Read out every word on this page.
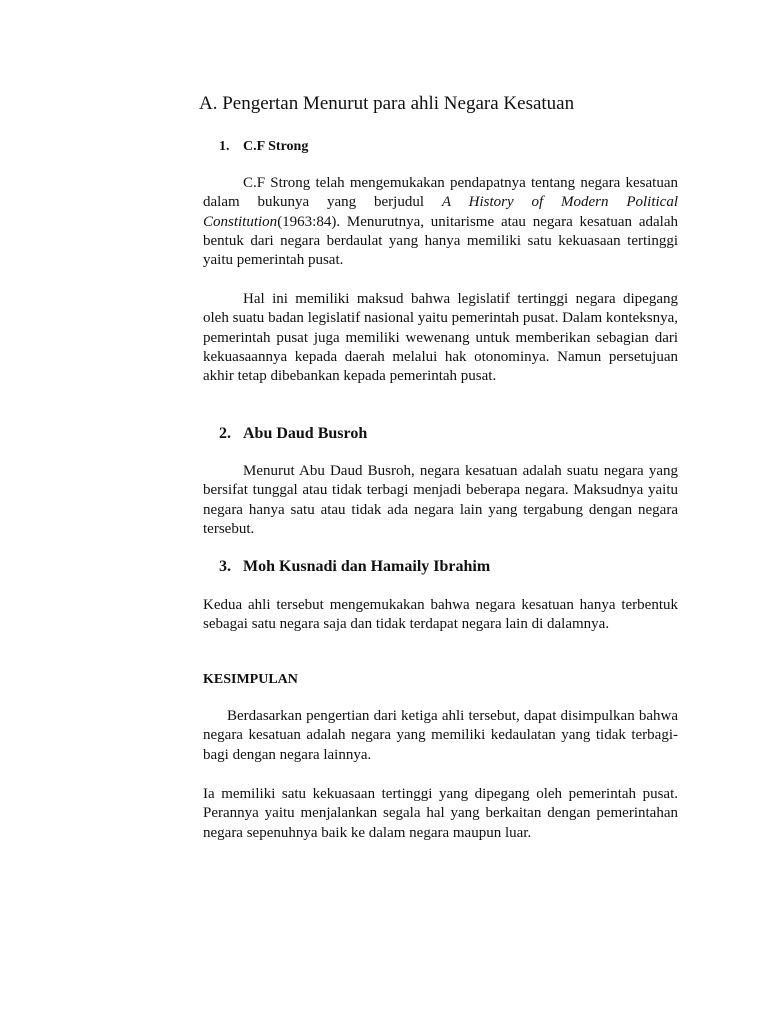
A. Pengertan Menurut para ahli Negara Kesatuan
1. C.F Strong

C.F Strong telah mengemukakan pendapatnya tentang negara kesatuan dalam bukunya yang berjudul A History of Modern Political Constitution(1963:84). Menurutnya, unitarisme atau negara kesatuan adalah bentuk dari negara berdaulat yang hanya memiliki satu kekuasaan tertinggi yaitu pemerintah pusat.

Hal ini memiliki maksud bahwa legislatif tertinggi negara dipegang oleh suatu badan legislatif nasional yaitu pemerintah pusat. Dalam konteksnya, pemerintah pusat juga memiliki wewenang untuk memberikan sebagian dari kekuasaannya kepada daerah melalui hak otonominya. Namun persetujuan akhir tetap dibebankan kepada pemerintah pusat.

2. Abu Daud Busroh

Menurut Abu Daud Busroh, negara kesatuan adalah suatu negara yang bersifat tunggal atau tidak terbagi menjadi beberapa negara. Maksudnya yaitu negara hanya satu atau tidak ada negara lain yang tergabung dengan negara tersebut.

3. Moh Kusnadi dan Hamaily Ibrahim

Kedua ahli tersebut mengemukakan bahwa negara kesatuan hanya terbentuk sebagai satu negara saja dan tidak terdapat negara lain di dalamnya.

KESIMPULAN

Berdasarkan pengertian dari ketiga ahli tersebut, dapat disimpulkan bahwa negara kesatuan adalah negara yang memiliki kedaulatan yang tidak terbagi-bagi dengan negara lainnya.

Ia memiliki satu kekuasaan tertinggi yang dipegang oleh pemerintah pusat. Perannya yaitu menjalankan segala hal yang berkaitan dengan pemerintahan negara sepenuhnya baik ke dalam negara maupun luar.
